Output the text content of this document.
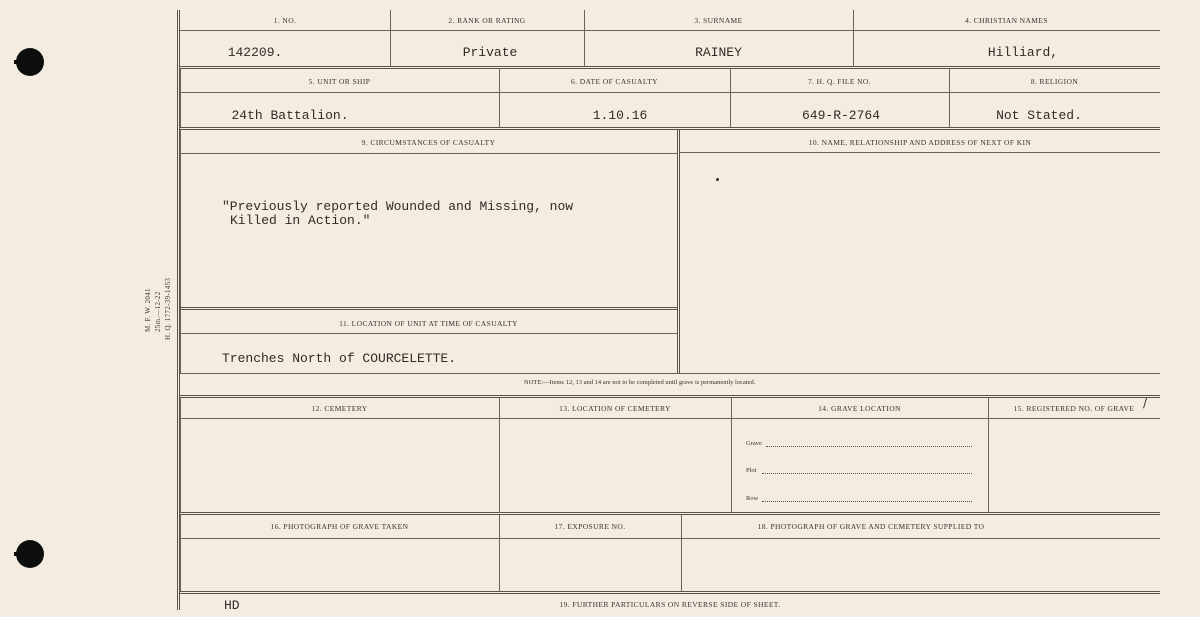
M. F. W. 2041 25m.—12-22 H. Q. 1772-39-1453
1. NO.	2. RANK OR RATING	3. SURNAME	4. CHRISTIAN NAMES
142209.	Private	RAINEY	Hilliard,
5. UNIT OR SHIP	6. DATE OF CASUALTY	7. H. Q. FILE NO.	8. RELIGION
24th Battalion.	1.10.16	649-R-2764	Not Stated.
9. CIRCUMSTANCES OF CASUALTY	10. NAME, RELATIONSHIP AND ADDRESS OF NEXT OF KIN
"Previously reported Wounded and Missing, now
Killed in Action."
11. LOCATION OF UNIT AT TIME OF CASUALTY
Trenches North of COURCELETTE.
NOTE:—Items 12, 13 and 14 are not to be completed until grave is permanently located.
12. CEMETERY	13. LOCATION OF CEMETERY	14. GRAVE LOCATION	15. REGISTERED NO. OF GRAVE /
Grave
Plot
Row
16. PHOTOGRAPH OF GRAVE TAKEN	17. EXPOSURE NO.	18. PHOTOGRAPH OF GRAVE AND CEMETERY SUPPLIED TO
HD	19. FURTHER PARTICULARS ON REVERSE SIDE OF SHEET.
